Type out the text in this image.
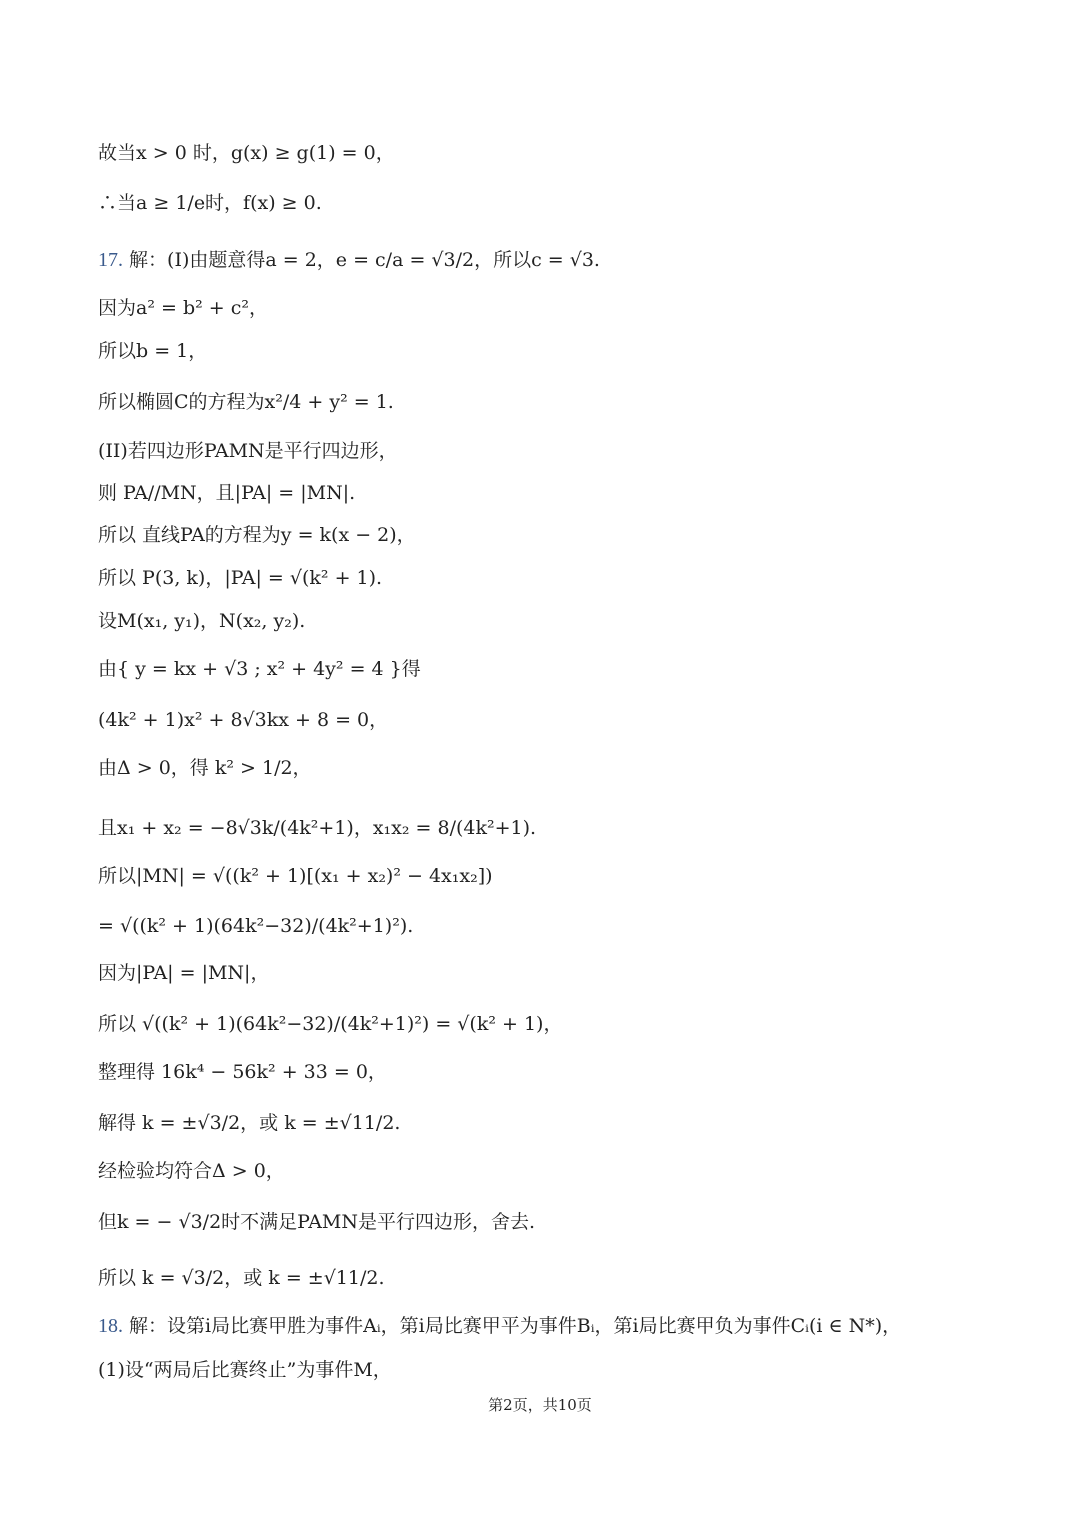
故当x > 0 时，g(x) ≥ g(1) = 0，
∴当a ≥ 1/e时，f(x) ≥ 0.
17. 解：(I)由题意得a = 2，e = c/a = √3/2，所以c = √3.
因为a² = b² + c²，
所以b = 1，
所以椭圆C的方程为x²/4 + y² = 1.
(II)若四边形PAMN是平行四边形，
则 PA//MN，且|PA| = |MN|.
所以 直线PA的方程为y = k(x − 2)，
所以 P(3, k)，|PA| = √(k² + 1).
设M(x₁, y₁)，N(x₂, y₂).
由{ y = kx + √3 ; x² + 4y² = 4 }得
(4k² + 1)x² + 8√3kx + 8 = 0，
由Δ > 0，得 k² > 1/2，
且x₁ + x₂ = −8√3k/(4k²+1)，x₁x₂ = 8/(4k²+1).
所以|MN| = √((k² + 1)[(x₁ + x₂)² − 4x₁x₂])
= √((k² + 1)(64k²−32)/(4k²+1)²).
因为|PA| = |MN|，
所以 √((k² + 1)(64k²−32)/(4k²+1)²) = √(k² + 1)，
整理得 16k⁴ − 56k² + 33 = 0，
解得 k = ±√3/2，或 k = ±√11/2.
经检验均符合Δ > 0，
但k = − √3/2时不满足PAMN是平行四边形，舍去.
所以 k = √3/2，或 k = ±√11/2.
18. 解：设第i局比赛甲胜为事件Aᵢ，第i局比赛甲平为事件Bᵢ，第i局比赛甲负为事件Cᵢ(i ∈ N*)，
(1)设“两局后比赛终止”为事件M，
第2页，共10页
